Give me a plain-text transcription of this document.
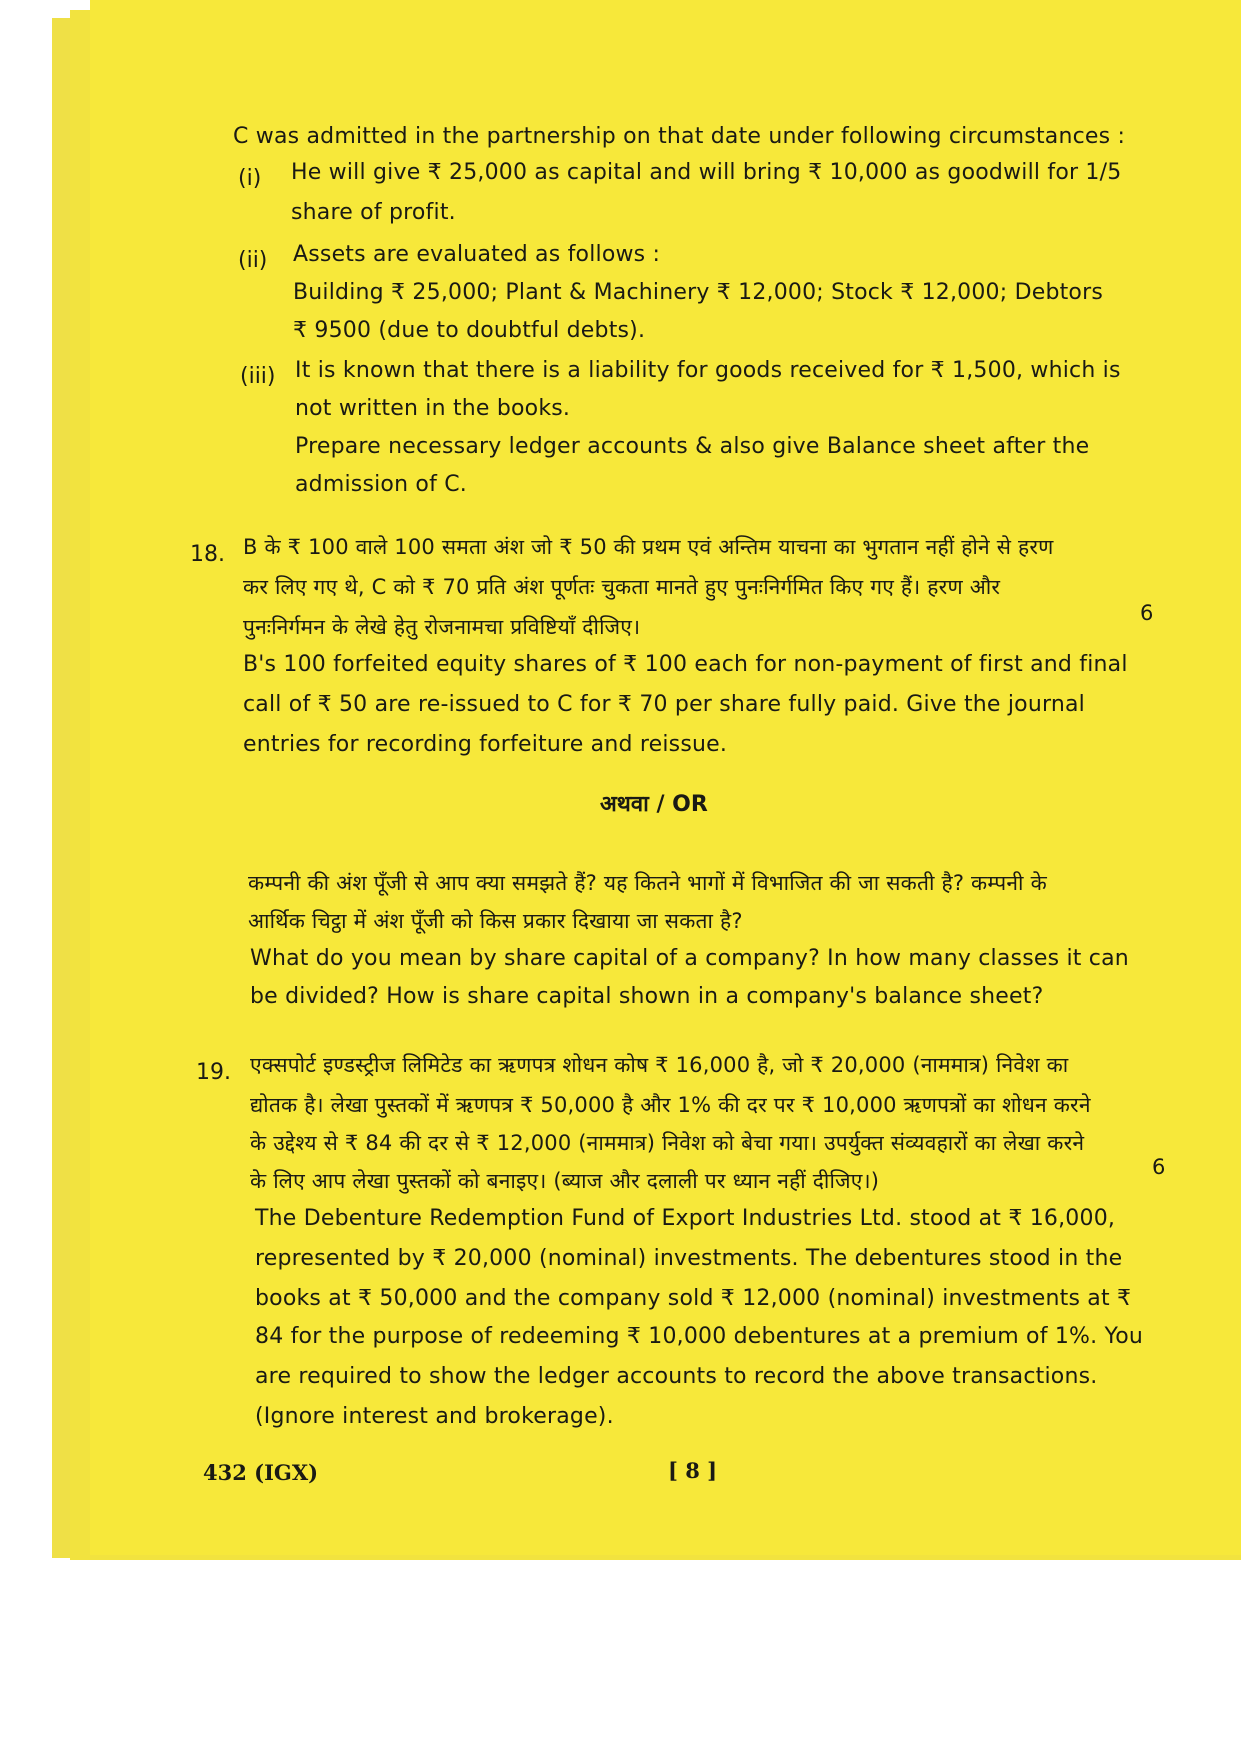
C was admitted in the partnership on that date under following circumstances :
(i) He will give ₹ 25,000 as capital and will bring ₹ 10,000 as goodwill for 1/5
share of profit.
(ii) Assets are evaluated as follows :
Building ₹ 25,000; Plant & Machinery ₹ 12,000; Stock ₹ 12,000; Debtors
₹ 9500 (due to doubtful debts).
(iii) It is known that there is a liability for goods received for ₹ 1,500, which is
not written in the books.
Prepare necessary ledger accounts & also give Balance sheet after the
admission of C.
18. B के ₹ 100 वाले 100 समता अंश जो ₹ 50 की प्रथम एवं अन्तिम याचना का भुगतान नहीं होने से हरण
कर लिए गए थे, C को ₹ 70 प्रति अंश पूर्णतः चुकता मानते हुए पुनःनिर्गमित किए गए हैं। हरण और
पुनःनिर्गमन के लेखे हेतु रोजनामचा प्रविष्टियाँ दीजिए।
6
B's 100 forfeited equity shares of ₹ 100 each for non-payment of first and final
call of ₹ 50 are re-issued to C for ₹ 70 per share fully paid. Give the journal
entries for recording forfeiture and reissue.
अथवा / OR
कम्पनी की अंश पूँजी से आप क्या समझते हैं? यह कितने भागों में विभाजित की जा सकती है? कम्पनी के
आर्थिक चिट्ठा में अंश पूँजी को किस प्रकार दिखाया जा सकता है?
What do you mean by share capital of a company? In how many classes it can
be divided? How is share capital shown in a company's balance sheet?
19. एक्सपोर्ट इण्डस्ट्रीज लिमिटेड का ऋणपत्र शोधन कोष ₹ 16,000 है, जो ₹ 20,000 (नाममात्र) निवेश का
द्योतक है। लेखा पुस्तकों में ऋणपत्र ₹ 50,000 है और 1% की दर पर ₹ 10,000 ऋणपत्रों का शोधन करने
के उद्देश्य से ₹ 84 की दर से ₹ 12,000 (नाममात्र) निवेश को बेचा गया। उपर्युक्त संव्यवहारों का लेखा करने
के लिए आप लेखा पुस्तकों को बनाइए। (ब्याज और दलाली पर ध्यान नहीं दीजिए।)
6
The Debenture Redemption Fund of Export Industries Ltd. stood at ₹ 16,000,
represented by ₹ 20,000 (nominal) investments. The debentures stood in the
books at ₹ 50,000 and the company sold ₹ 12,000 (nominal) investments at ₹
84 for the purpose of redeeming ₹ 10,000 debentures at a premium of 1%. You
are required to show the ledger accounts to record the above transactions.
(Ignore interest and brokerage).
432 (IGX)	[ 8 ]
